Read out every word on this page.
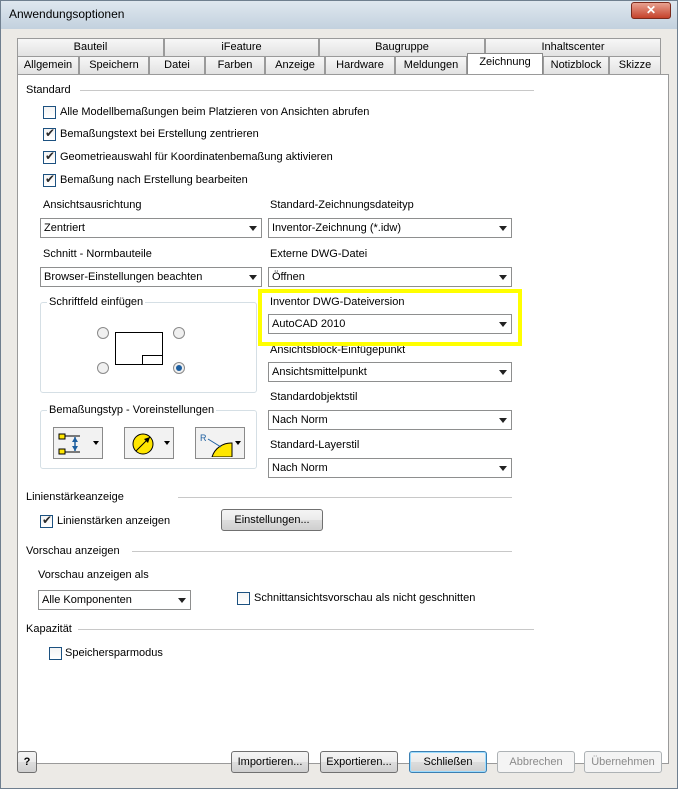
Anwendungsoptionen	✕
Bauteil	iFeature	Baugruppe	Inhaltscenter
Allgemein	Speichern	Datei	Farben	Anzeige	Hardware	Meldungen	Zeichnung	Notizblock	Skizze
Standard
Alle Modellbemaßungen beim Platzieren von Ansichten abrufen
✔
Bemaßungstext bei Erstellung zentrieren
✔
Geometrieauswahl für Koordinatenbemaßung aktivieren
✔
Bemaßung nach Erstellung bearbeiten
Ansichtsausrichtung
Zentriert
Schnitt - Normbauteile
Browser-Einstellungen beachten
Schriftfeld einfügen
Bemaßungstyp - Voreinstellungen
R
Standard-Zeichnungsdateityp
Inventor-Zeichnung (*.idw)
Externe DWG-Datei
Öffnen
Inventor DWG-Dateiversion
AutoCAD 2010
Ansichtsblock-Einfügepunkt
Ansichtsmittelpunkt
Standardobjektstil
Nach Norm
Standard-Layerstil
Nach Norm
Linienstärkeanzeige
✔
Linienstärken anzeigen	Einstellungen...
Vorschau anzeigen
Vorschau anzeigen als
Alle Komponenten	Schnittansichtsvorschau als nicht geschnitten
Kapazität
Speichersparmodus
?	Importieren...	Exportieren...	Schließen	Abbrechen	Übernehmen
